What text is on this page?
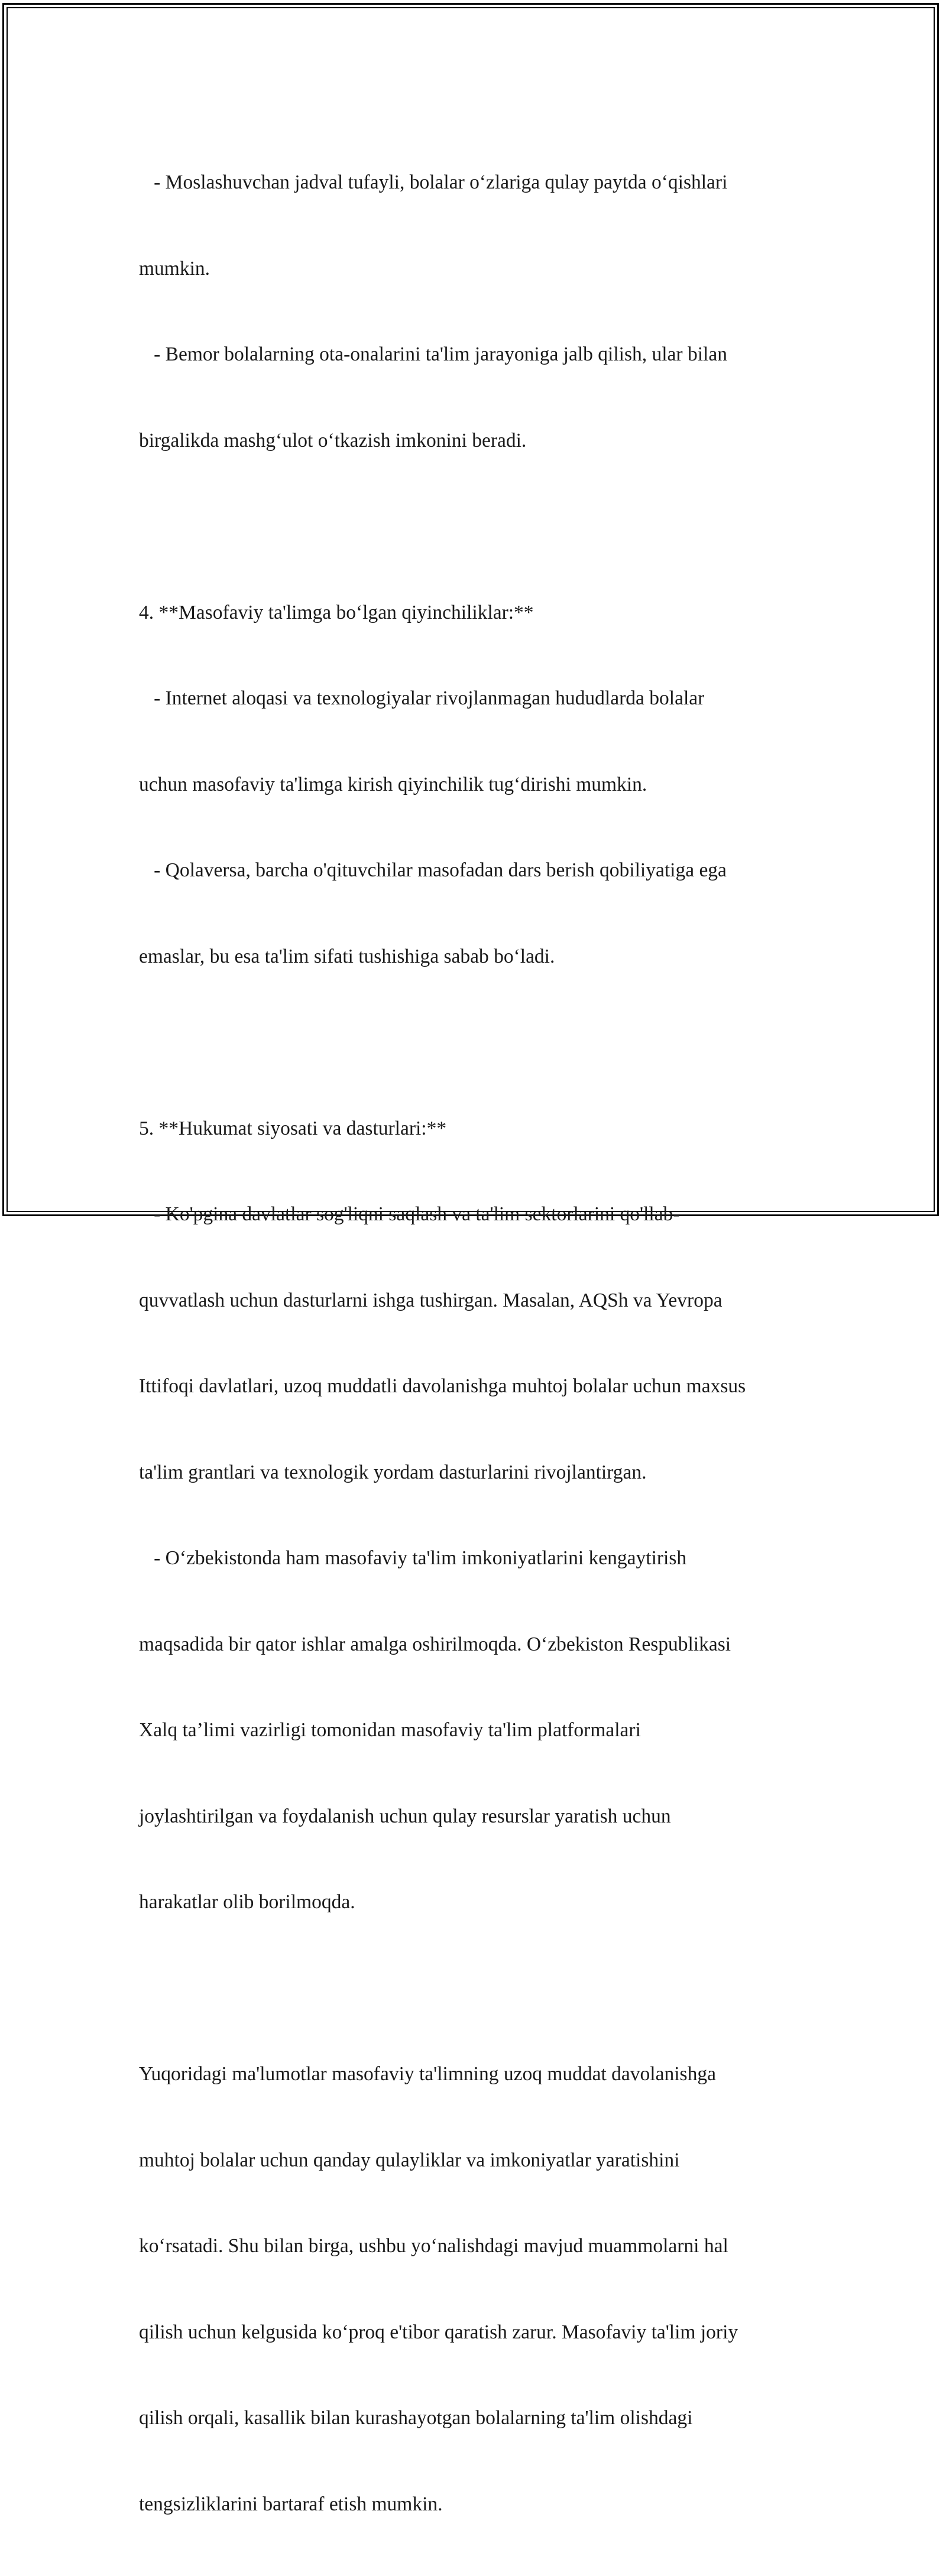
- Moslashuvchan jadval tufayli, bolalar o‘zlariga qulay paytda o‘qishlari

mumkin.

- Bemor bolalarning ota-onalarini ta'lim jarayoniga jalb qilish, ular bilan

birgalikda mashg‘ulot o‘tkazish imkonini beradi.

4. **Masofaviy ta'limga bo‘lgan qiyinchiliklar:**

- Internet aloqasi va texnologiyalar rivojlanmagan hududlarda bolalar

uchun masofaviy ta'limga kirish qiyinchilik tug‘dirishi mumkin.

- Qolaversa, barcha o'qituvchilar masofadan dars berish qobiliyatiga ega

emaslar, bu esa ta'lim sifati tushishiga sabab bo‘ladi.

5. **Hukumat siyosati va dasturlari:**

- Ko'pgina davlatlar sog'liqni saqlash va ta'lim sektorlarini qo'llab-

quvvatlash uchun dasturlarni ishga tushirgan. Masalan, AQSh va Yevropa

Ittifoqi davlatlari, uzoq muddatli davolanishga muhtoj bolalar uchun maxsus

ta'lim grantlari va texnologik yordam dasturlarini rivojlantirgan.

- O‘zbekistonda ham masofaviy ta'lim imkoniyatlarini kengaytirish

maqsadida bir qator ishlar amalga oshirilmoqda. O‘zbekiston Respublikasi

Xalq ta’limi vazirligi tomonidan masofaviy ta'lim platformalari

joylashtirilgan va foydalanish uchun qulay resurslar yaratish uchun

harakatlar olib borilmoqda.

Yuqoridagi ma'lumotlar masofaviy ta'limning uzoq muddat davolanishga

muhtoj bolalar uchun qanday qulayliklar va imkoniyatlar yaratishini

ko‘rsatadi. Shu bilan birga, ushbu yo‘nalishdagi mavjud muammolarni hal

qilish uchun kelgusida ko‘proq e'tibor qaratish zarur. Masofaviy ta'lim joriy

qilish orqali, kasallik bilan kurashayotgan bolalarning ta'lim olishdagi

tengsizliklarini bartaraf etish mumkin.
